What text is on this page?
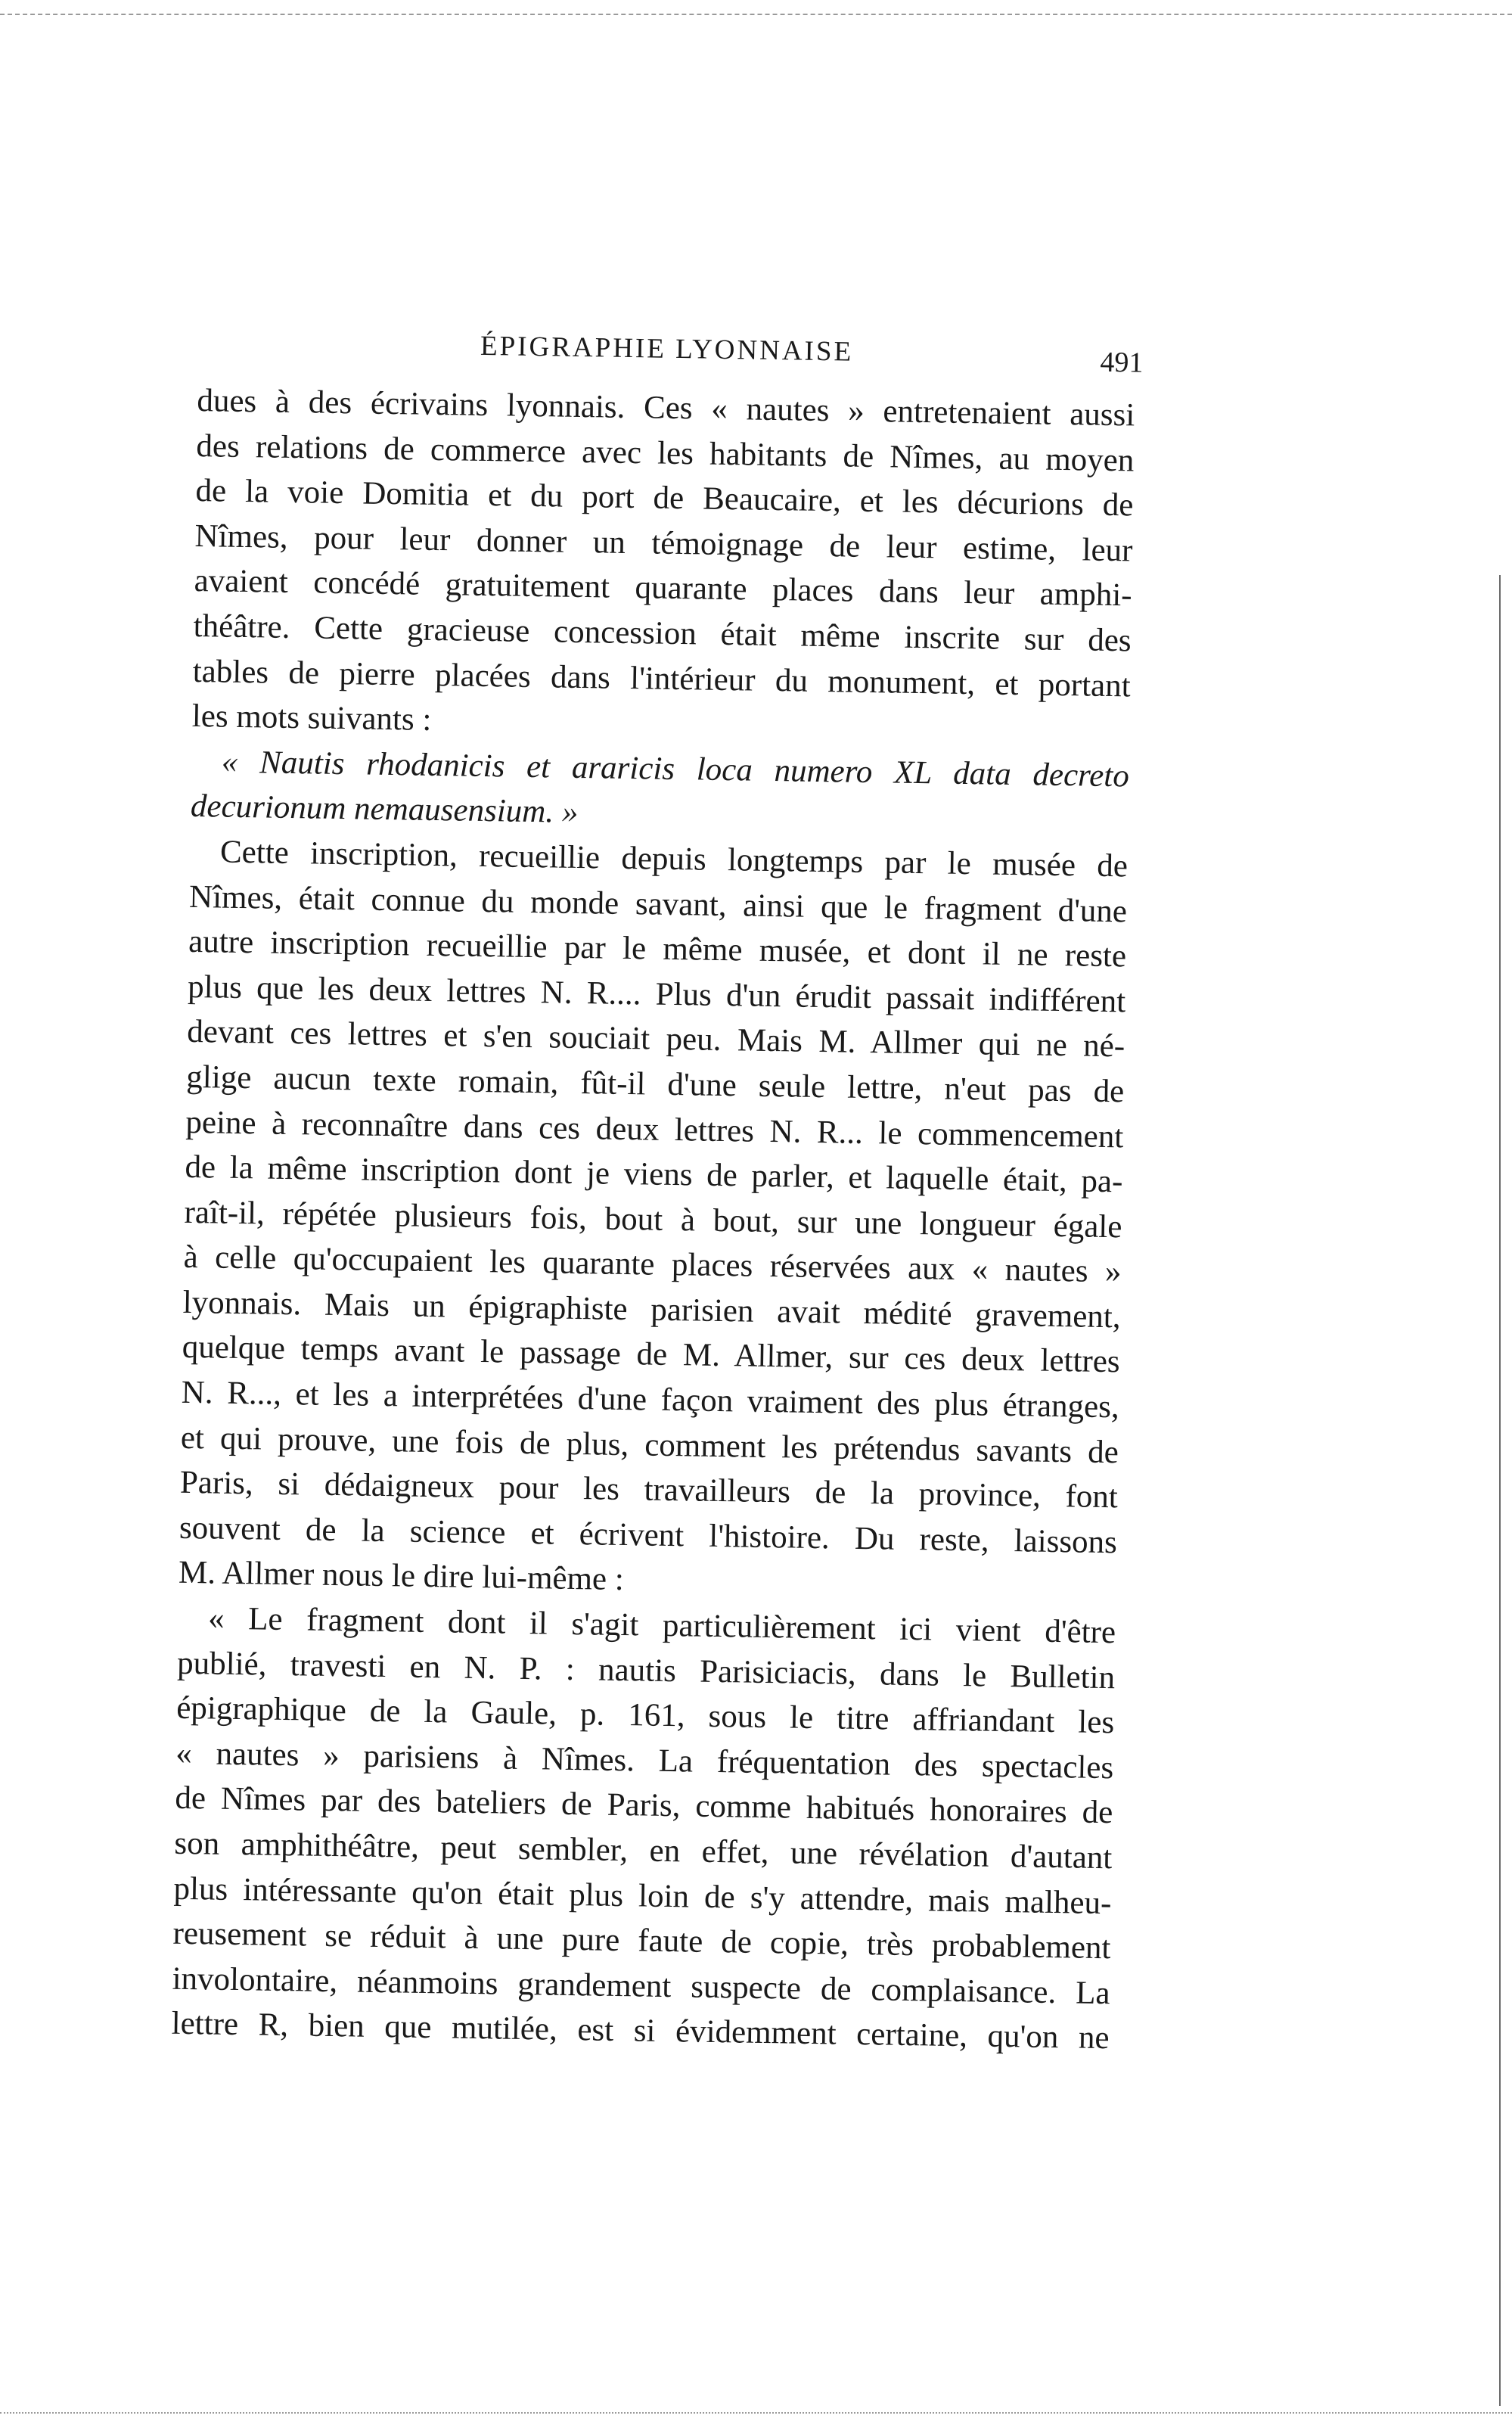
ÉPIGRAPHIE LYONNAISE	491

dues à des écrivains lyonnais. Ces « nautes » entretenaient aussi
des relations de commerce avec les habitants de Nîmes, au moyen
de la voie Domitia et du port de Beaucaire, et les décurions de
Nîmes, pour leur donner un témoignage de leur estime, leur
avaient concédé gratuitement quarante places dans leur amphi-
théâtre. Cette gracieuse concession était même inscrite sur des
tables de pierre placées dans l'intérieur du monument, et portant
les mots suivants :

« Nautis rhodanicis et araricis loca numero XL data decreto
decurionum nemausensium. »

Cette inscription, recueillie depuis longtemps par le musée de
Nîmes, était connue du monde savant, ainsi que le fragment d'une
autre inscription recueillie par le même musée, et dont il ne reste
plus que les deux lettres N. R.... Plus d'un érudit passait indifférent
devant ces lettres et s'en souciait peu. Mais M. Allmer qui ne né-
glige aucun texte romain, fût-il d'une seule lettre, n'eut pas de
peine à reconnaître dans ces deux lettres N. R... le commencement
de la même inscription dont je viens de parler, et laquelle était, pa-
raît-il, répétée plusieurs fois, bout à bout, sur une longueur égale
à celle qu'occupaient les quarante places réservées aux « nautes »
lyonnais. Mais un épigraphiste parisien avait médité gravement,
quelque temps avant le passage de M. Allmer, sur ces deux lettres
N. R..., et les a interprétées d'une façon vraiment des plus étranges,
et qui prouve, une fois de plus, comment les prétendus savants de
Paris, si dédaigneux pour les travailleurs de la province, font
souvent de la science et écrivent l'histoire. Du reste, laissons
M. Allmer nous le dire lui-même :

« Le fragment dont il s'agit particulièrement ici vient d'être
publié, travesti en N. P. : nautis Parisiciacis, dans le Bulletin
épigraphique de la Gaule, p. 161, sous le titre affriandant les
« nautes » parisiens à Nîmes. La fréquentation des spectacles
de Nîmes par des bateliers de Paris, comme habitués honoraires de
son amphithéâtre, peut sembler, en effet, une révélation d'autant
plus intéressante qu'on était plus loin de s'y attendre, mais malheu-
reusement se réduit à une pure faute de copie, très probablement
involontaire, néanmoins grandement suspecte de complaisance. La
lettre R, bien que mutilée, est si évidemment certaine, qu'on ne
